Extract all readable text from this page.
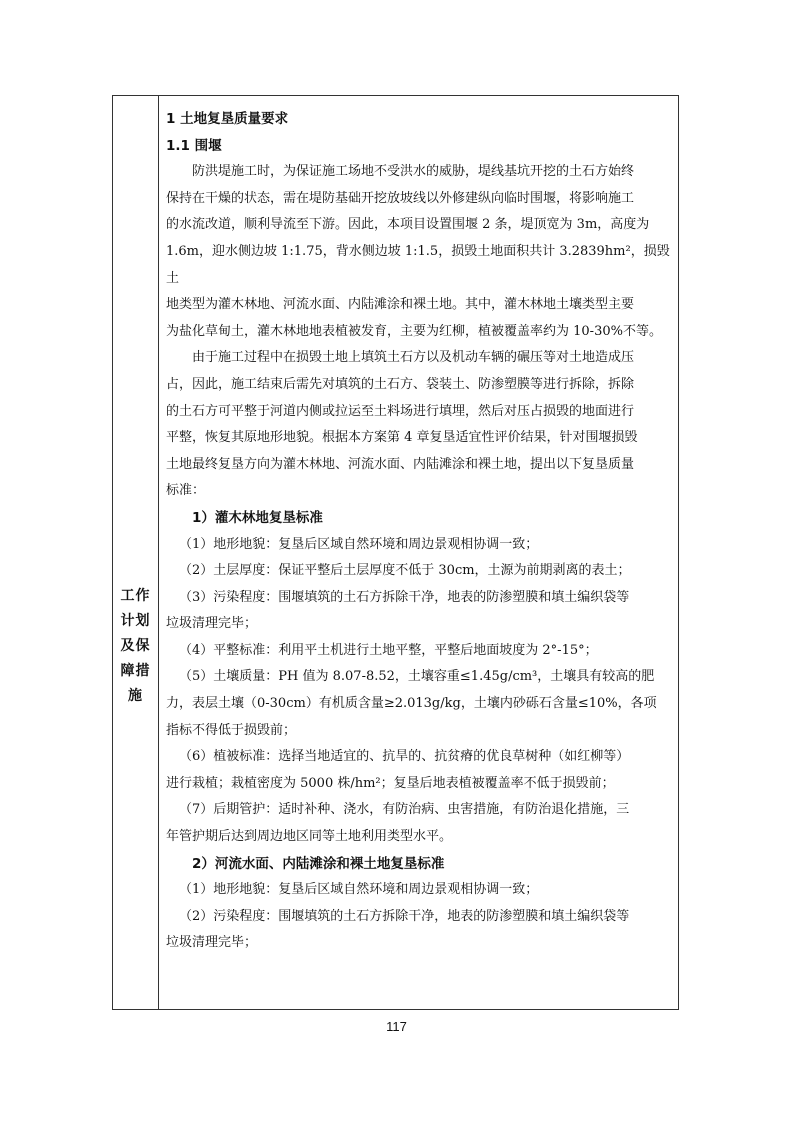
工作
计划
及保
障措
施
1 土地复垦质量要求
1.1 围堰
防洪堤施工时，为保证施工场地不受洪水的威胁，堤线基坑开挖的土石方始终
保持在干燥的状态，需在堤防基础开挖放坡线以外修建纵向临时围堰，将影响施工
的水流改道，顺利导流至下游。因此，本项目设置围堰 2 条，堤顶宽为 3m，高度为
1.6m，迎水侧边坡 1:1.75，背水侧边坡 1:1.5，损毁土地面积共计 3.2839hm²，损毁土
地类型为灌木林地、河流水面、内陆滩涂和裸土地。其中，灌木林地土壤类型主要
为盐化草甸土，灌木林地地表植被发育，主要为红柳，植被覆盖率约为 10-30%不等。
由于施工过程中在损毁土地上填筑土石方以及机动车辆的碾压等对土地造成压
占，因此，施工结束后需先对填筑的土石方、袋装土、防渗塑膜等进行拆除，拆除
的土石方可平整于河道内侧或拉运至土料场进行填埋，然后对压占损毁的地面进行
平整，恢复其原地形地貌。根据本方案第 4 章复垦适宜性评价结果，针对围堰损毁
土地最终复垦方向为灌木林地、河流水面、内陆滩涂和裸土地，提出以下复垦质量
标准：
1）灌木林地复垦标准
（1）地形地貌：复垦后区域自然环境和周边景观相协调一致；
（2）土层厚度：保证平整后土层厚度不低于 30cm，土源为前期剥离的表土；
（3）污染程度：围堰填筑的土石方拆除干净，地表的防渗塑膜和填土编织袋等
垃圾清理完毕；
（4）平整标准：利用平土机进行土地平整，平整后地面坡度为 2°-15°；
（5）土壤质量：PH 值为 8.07-8.52，土壤容重≤1.45g/cm³，土壤具有较高的肥
力，表层土壤（0-30cm）有机质含量≥2.013g/kg，土壤内砂砾石含量≤10%，各项
指标不得低于损毁前；
（6）植被标准：选择当地适宜的、抗旱的、抗贫瘠的优良草树种（如红柳等）
进行栽植；栽植密度为 5000 株/hm²；复垦后地表植被覆盖率不低于损毁前；
（7）后期管护：适时补种、浇水，有防治病、虫害措施，有防治退化措施，三
年管护期后达到周边地区同等土地利用类型水平。
2）河流水面、内陆滩涂和裸土地复垦标准
（1）地形地貌：复垦后区域自然环境和周边景观相协调一致；
（2）污染程度：围堰填筑的土石方拆除干净，地表的防渗塑膜和填土编织袋等
垃圾清理完毕；
117
